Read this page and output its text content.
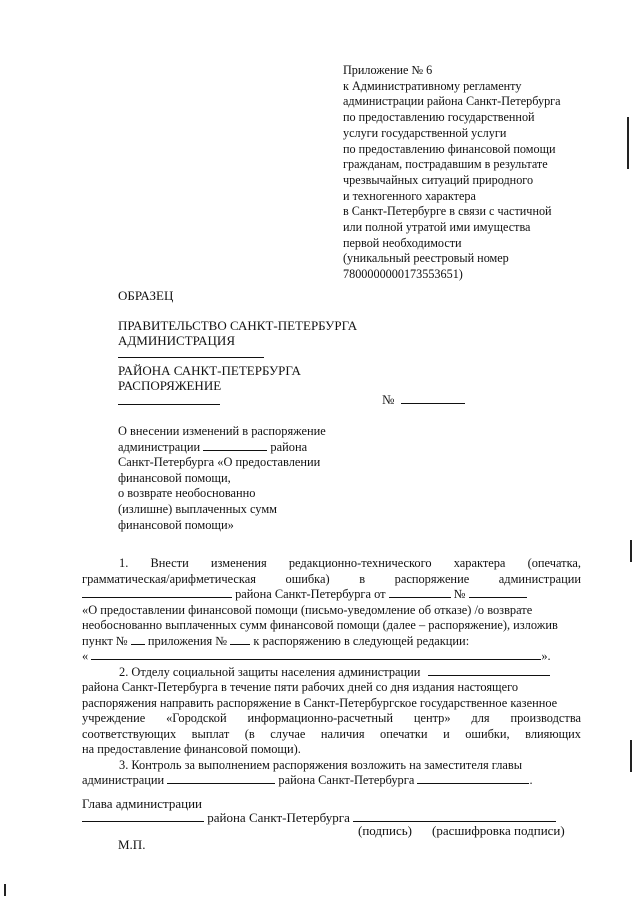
Приложение № 6
к Административному регламенту
администрации района Санкт-Петербурга
по предоставлению государственной
услуги государственной услуги
по предоставлению финансовой помощи
гражданам, пострадавшим в результате
чрезвычайных ситуаций природного
и техногенного характера
в Санкт-Петербурге в связи с частичной
или полной утратой ими имущества
первой необходимости
(уникальный реестровый номер
7800000000173553651)
ОБРАЗЕЦ
ПРАВИТЕЛЬСТВО САНКТ-ПЕТЕРБУРГА
АДМИНИСТРАЦИЯ
РАЙОНА САНКТ-ПЕТЕРБУРГА
РАСПОРЯЖЕНИЕ
№
О внесении изменений в распоряжение
администрации	района
Санкт-Петербурга «О предоставлении
финансовой помощи,
о возврате необоснованно
(излишне) выплаченных сумм
финансовой помощи»
1. Внести изменения редакционно-технического характера (опечатка,
грамматическая/арифметическая ошибка) в распоряжение администрации
района Санкт-Петербурга от	№
«О предоставлении финансовой помощи (письмо-уведомление об отказе) /о возврате
необоснованно выплаченных сумм финансовой помощи (далее – распоряжение), изложив
пункт № приложения № к распоряжению в следующей редакции:
«	».
2. Отделу социальной защиты населения администрации
района Санкт-Петербурга в течение пяти рабочих дней со дня издания настоящего
распоряжения направить распоряжение в Санкт-Петербургское государственное казенное
учреждение «Городской информационно-расчетный центр» для производства
соответствующих выплат (в случае наличия опечатки и ошибки, влияющих
на предоставление финансовой помощи).
3. Контроль за выполнением распоряжения возложить на заместителя главы
администрации	района Санкт-Петербурга	.
Глава администрации
района Санкт-Петербурга
(подпись) (расшифровка подписи)
М.П.
